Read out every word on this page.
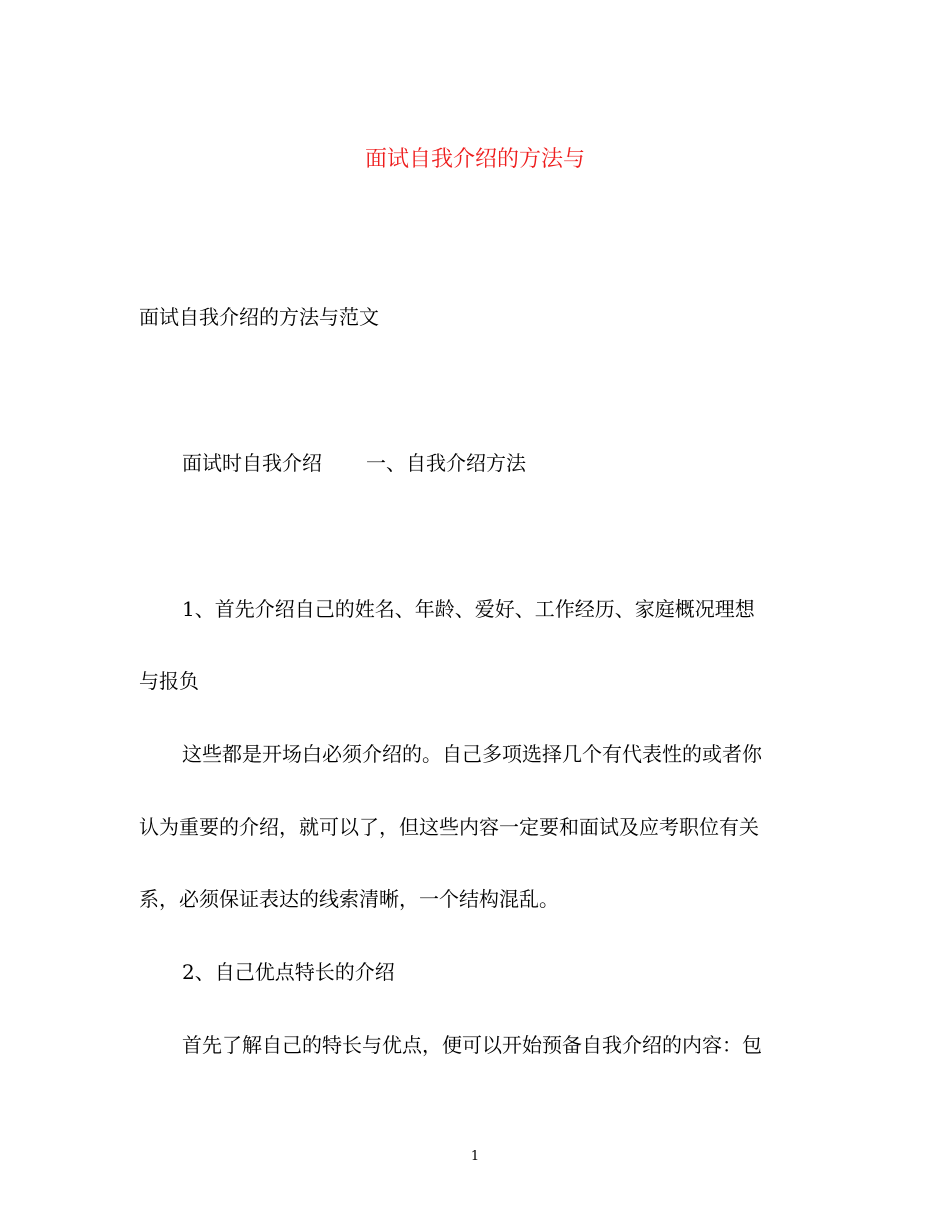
面试自我介绍的方法与
面试自我介绍的方法与范文
面试时自我介绍 一、自我介绍方法
1、首先介绍自己的姓名、年龄、爱好、工作经历、家庭概况理想
与报负
这些都是开场白必须介绍的。自己多项选择几个有代表性的或者你
认为重要的介绍，就可以了，但这些内容一定要和面试及应考职位有关
系，必须保证表达的线索清晰，一个结构混乱。
2、自己优点特长的介绍
首先了解自己的特长与优点，便可以开始预备自我介绍的内容：包
1
